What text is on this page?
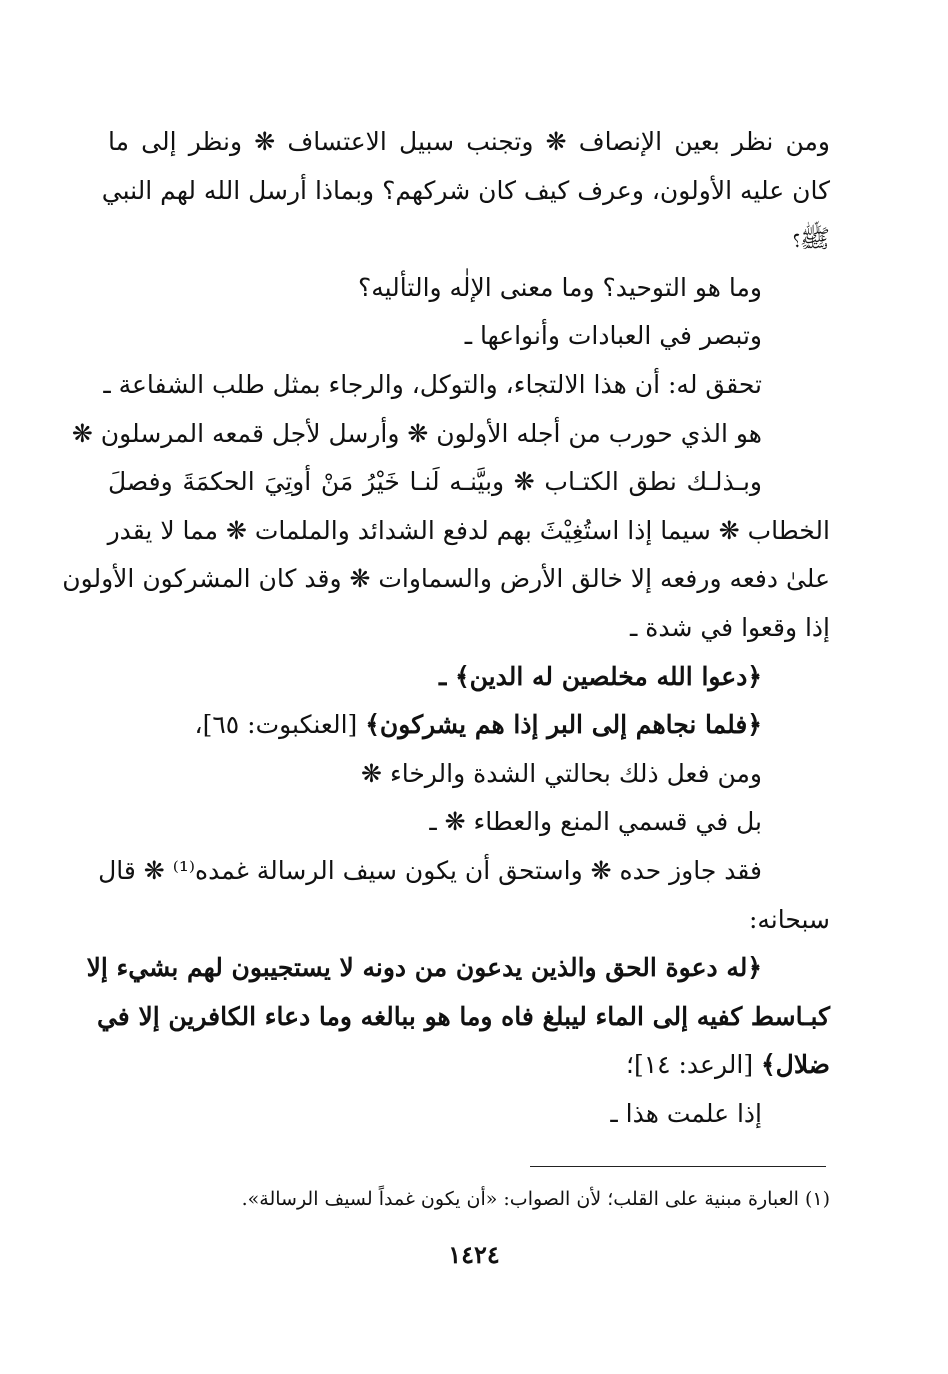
ومن نظر بعين الإنصاف ❋ وتجنب سبيل الاعتساف ❋ ونظر إلى ما
كان عليه الأولون، وعرف كيف كان شركهم؟ وبماذا أرسل الله لهم النبي
ﷺ؟
وما هو التوحيد؟ وما معنى الإلٰه والتأليه؟
وتبصر في العبادات وأنواعها ـ
تحقق له: أن هذا الالتجاء، والتوكل، والرجاء بمثل طلب الشفاعة ـ
هو الذي حورب من أجله الأولون ❋ وأرسل لأجل قمعه المرسلون ❋
وبـذلـك نطق الكتـاب ❋ وبيَّنـه لَنـا خَيْرُ مَنْ أوتِيَ الحكمَةَ وفصلَ
الخطاب ❋ سيما إذا استُغِيْثَ بهم لدفع الشدائد والملمات ❋ مما لا يقدر
علىٰ دفعه ورفعه إلا خالق الأرض والسماوات ❋ وقد كان المشركون الأولون
إذا وقعوا في شدة ـ
﴿دعوا الله مخلصين له الدين﴾ ـ
﴿فلما نجاهم إلى البر إذا هم يشركون﴾ [العنكبوت: ٦٥]،
ومن فعل ذلك بحالتي الشدة والرخاء ❋
بل في قسمي المنع والعطاء ❋ ـ
فقد جاوز حده ❋ واستحق أن يكون سيف الرسالة غمده⁽¹⁾ ❋ قال
سبحانه:
﴿له دعوة الحق والذين يدعون من دونه لا يستجيبون لهم بشيء إلا
كبـاسط كفيه إلى الماء ليبلغ فاه وما هو ببالغه وما دعاء الكافرين إلا في
ضلال﴾ [الرعد: ١٤]؛
إذا علمت هذا ـ
(١) العبارة مبنية على القلب؛ لأن الصواب: «أن يكون غمداً لسيف الرسالة».
١٤٢٤
